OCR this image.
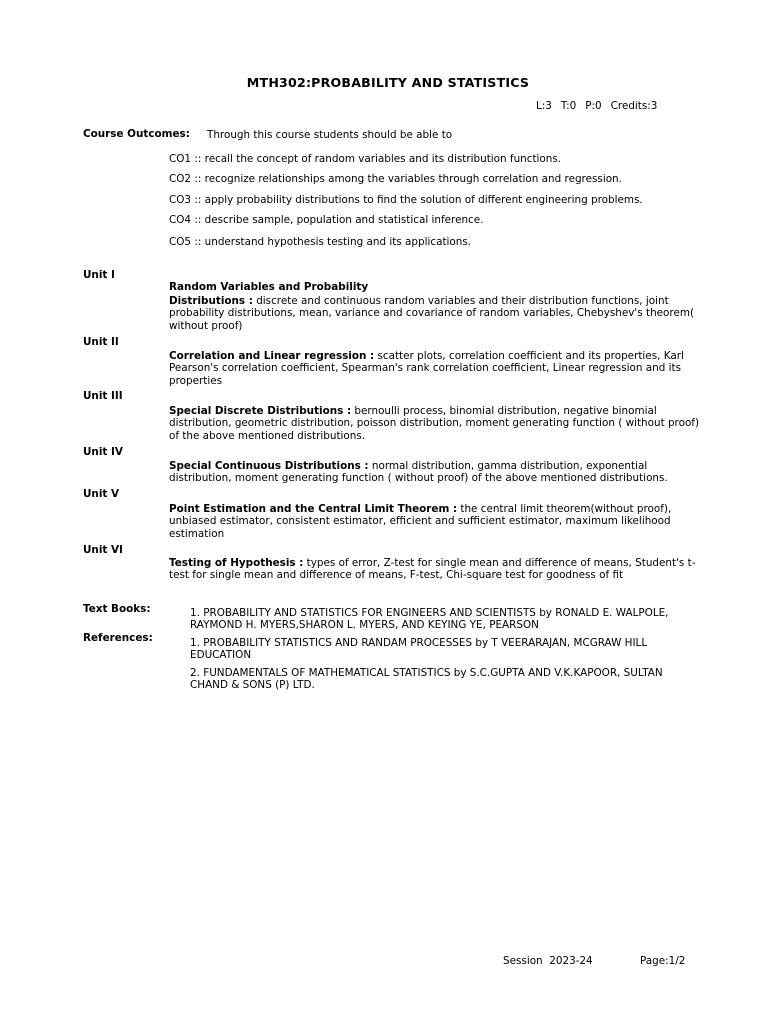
MTH302:PROBABILITY AND STATISTICS
L:3 T:0 P:0 Credits:3
Course Outcomes: Through this course students should be able to
CO1 :: recall the concept of random variables and its distribution functions.
CO2 :: recognize relationships among the variables through correlation and regression.
CO3 :: apply probability distributions to find the solution of different engineering problems.
CO4 :: describe sample, population and statistical inference.
CO5 :: understand hypothesis testing and its applications.
Unit I
Random Variables and Probability
Distributions : discrete and continuous random variables and their distribution functions, joint probability distributions, mean, variance and covariance of random variables, Chebyshev's theorem( without proof)
Unit II
Correlation and Linear regression : scatter plots, correlation coefficient and its properties, Karl Pearson's correlation coefficient, Spearman's rank correlation coefficient, Linear regression and its properties
Unit III
Special Discrete Distributions : bernoulli process, binomial distribution, negative binomial distribution, geometric distribution, poisson distribution, moment generating function ( without proof) of the above mentioned distributions.
Unit IV
Special Continuous Distributions : normal distribution, gamma distribution, exponential distribution, moment generating function ( without proof) of the above mentioned distributions.
Unit V
Point Estimation and the Central Limit Theorem : the central limit theorem(without proof), unbiased estimator, consistent estimator, efficient and sufficient estimator, maximum likelihood estimation
Unit VI
Testing of Hypothesis : types of error, Z-test for single mean and difference of means, Student's t-test for single mean and difference of means, F-test, Chi-square test for goodness of fit
Text Books:	1. PROBABILITY AND STATISTICS FOR ENGINEERS AND SCIENTISTS by RONALD E. WALPOLE, RAYMOND H. MYERS,SHARON L. MYERS, AND KEYING YE, PEARSON
References:	1. PROBABILITY STATISTICS AND RANDAM PROCESSES by T VEERARAJAN, MCGRAW HILL EDUCATION
2. FUNDAMENTALS OF MATHEMATICAL STATISTICS by S.C.GUPTA AND V.K.KAPOOR, SULTAN CHAND & SONS (P) LTD.
Session  2023-24	Page:1/2
